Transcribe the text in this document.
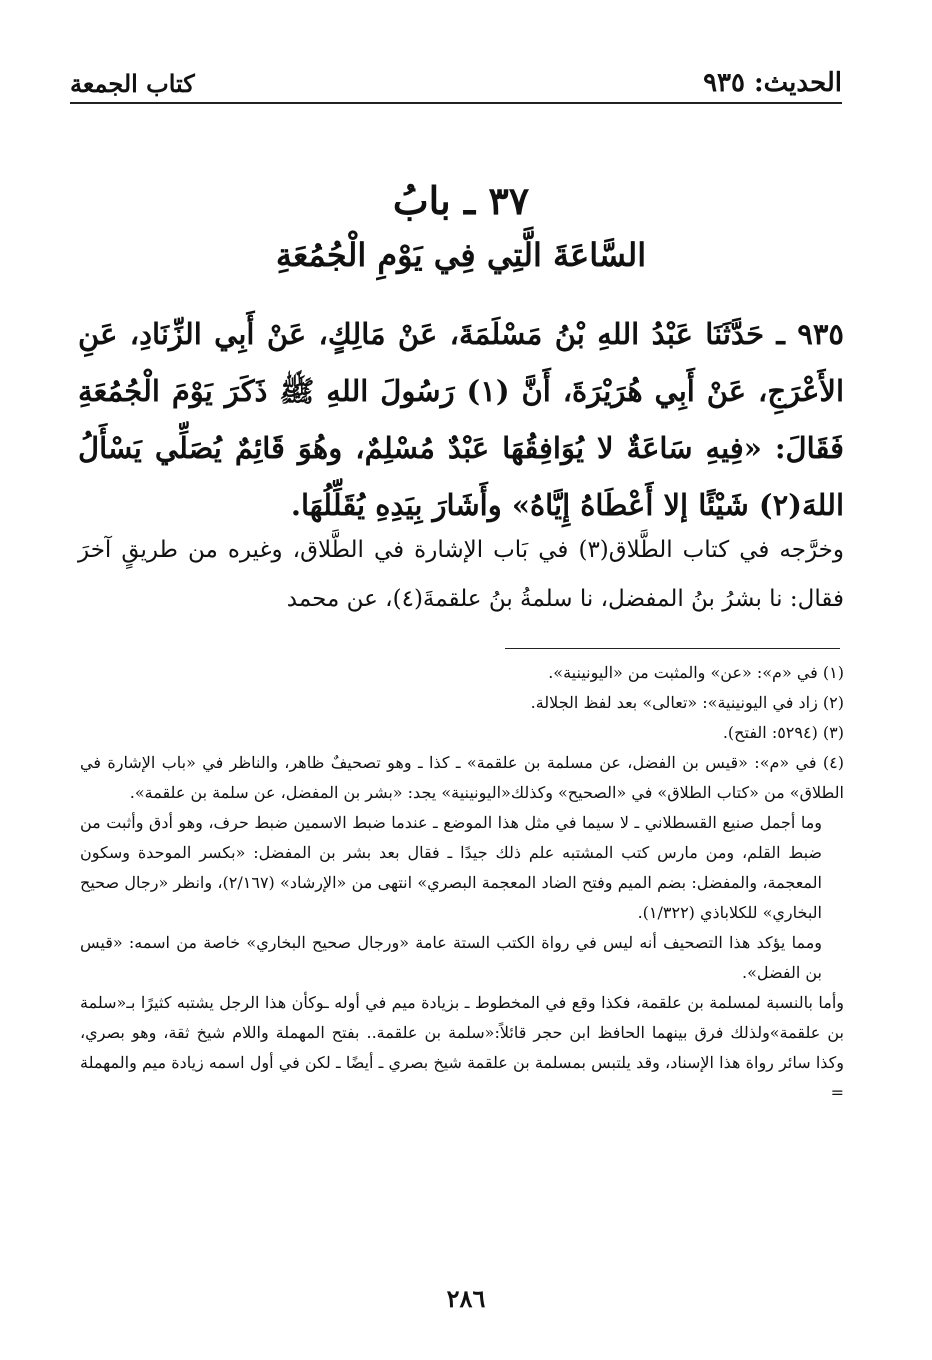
الحديث: ٩٣٥
كتاب الجمعة
٣٧ ـ بابُ
السَّاعَةَ الَّتِي فِي يَوْمِ الْجُمُعَةِ
٩٣٥ ـ حَدَّثَنَا عَبْدُ اللهِ بْنُ مَسْلَمَةَ، عَنْ مَالِكٍ، عَنْ أَبِي الزِّنَادِ، عَنِ الأَعْرَجِ، عَنْ أَبِي هُرَيْرَةَ، أَنَّ (١) رَسُولَ اللهِ ﷺ ذَكَرَ يَوْمَ الْجُمُعَةِ فَقَالَ: «فِيهِ سَاعَةٌ لا يُوَافِقُهَا عَبْدٌ مُسْلِمٌ، وهُوَ قَائِمٌ يُصَلِّي يَسْأَلُ اللهَ(٢) شَيْئًا إلا أَعْطَاهُ إِيَّاهُ» وأَشَارَ بِيَدِهِ يُقَلِّلُهَا.
وخرَّجه في كتاب الطَّلاق(٣) في بَاب الإشارة في الطَّلاق، وغيره من طريقٍ آخرَ فقال: نا بشرُ بنُ المفضل، نا سلمةُ بنُ علقمةَ(٤)، عن محمد

(١) في «م»: «عن» والمثبت من «اليونينية».

(٢) زاد في اليونينية»: «تعالى» بعد لفظ الجلالة.

(٣) (٥٢٩٤: الفتح).

(٤) في «م»: «قيس بن الفضل، عن مسلمة بن علقمة» ـ كذا ـ وهو تصحيفٌ ظاهر، والناظر في «باب الإشارة في الطلاق» من «كتاب الطلاق» في «الصحيح» وكذلك«اليونينية» يجد: «بشر بن المفضل، عن سلمة بن علقمة».

وما أجمل صنيع القسطلاني ـ لا سيما في مثل هذا الموضع ـ عندما ضبط الاسمين ضبط حرف، وهو أدق وأثبت من ضبط القلم، ومن مارس كتب المشتبه علم ذلك جيدًا ـ فقال بعد بشر بن المفضل: «بكسر الموحدة وسكون المعجمة، والمفضل: بضم الميم وفتح الضاد المعجمة البصري» انتهى من «الإرشاد» (٢/١٦٧)، وانظر «رجال صحيح البخاري» للكلاباذي (١/٣٢٢).

ومما يؤكد هذا التصحيف أنه ليس في رواة الكتب الستة عامة «ورجال صحيح البخاري» خاصة من اسمه: «قيس بن الفضل».

وأما بالنسبة لمسلمة بن علقمة، فكذا وقع في المخطوط ـ بزيادة ميم في أوله ـوكأن هذا الرجل يشتبه كثيرًا بـ«سلمة بن علقمة»ولذلك فرق بينهما الحافظ ابن حجر قائلاً:«سلمة بن علقمة.. بفتح المهملة واللام شيخ ثقة، وهو بصري، وكذا سائر رواة هذا الإسناد، وقد يلتبس بمسلمة بن علقمة شيخ بصري ـ أيضًا ـ لكن في أول اسمه زيادة ميم والمهملة =

٢٨٦
